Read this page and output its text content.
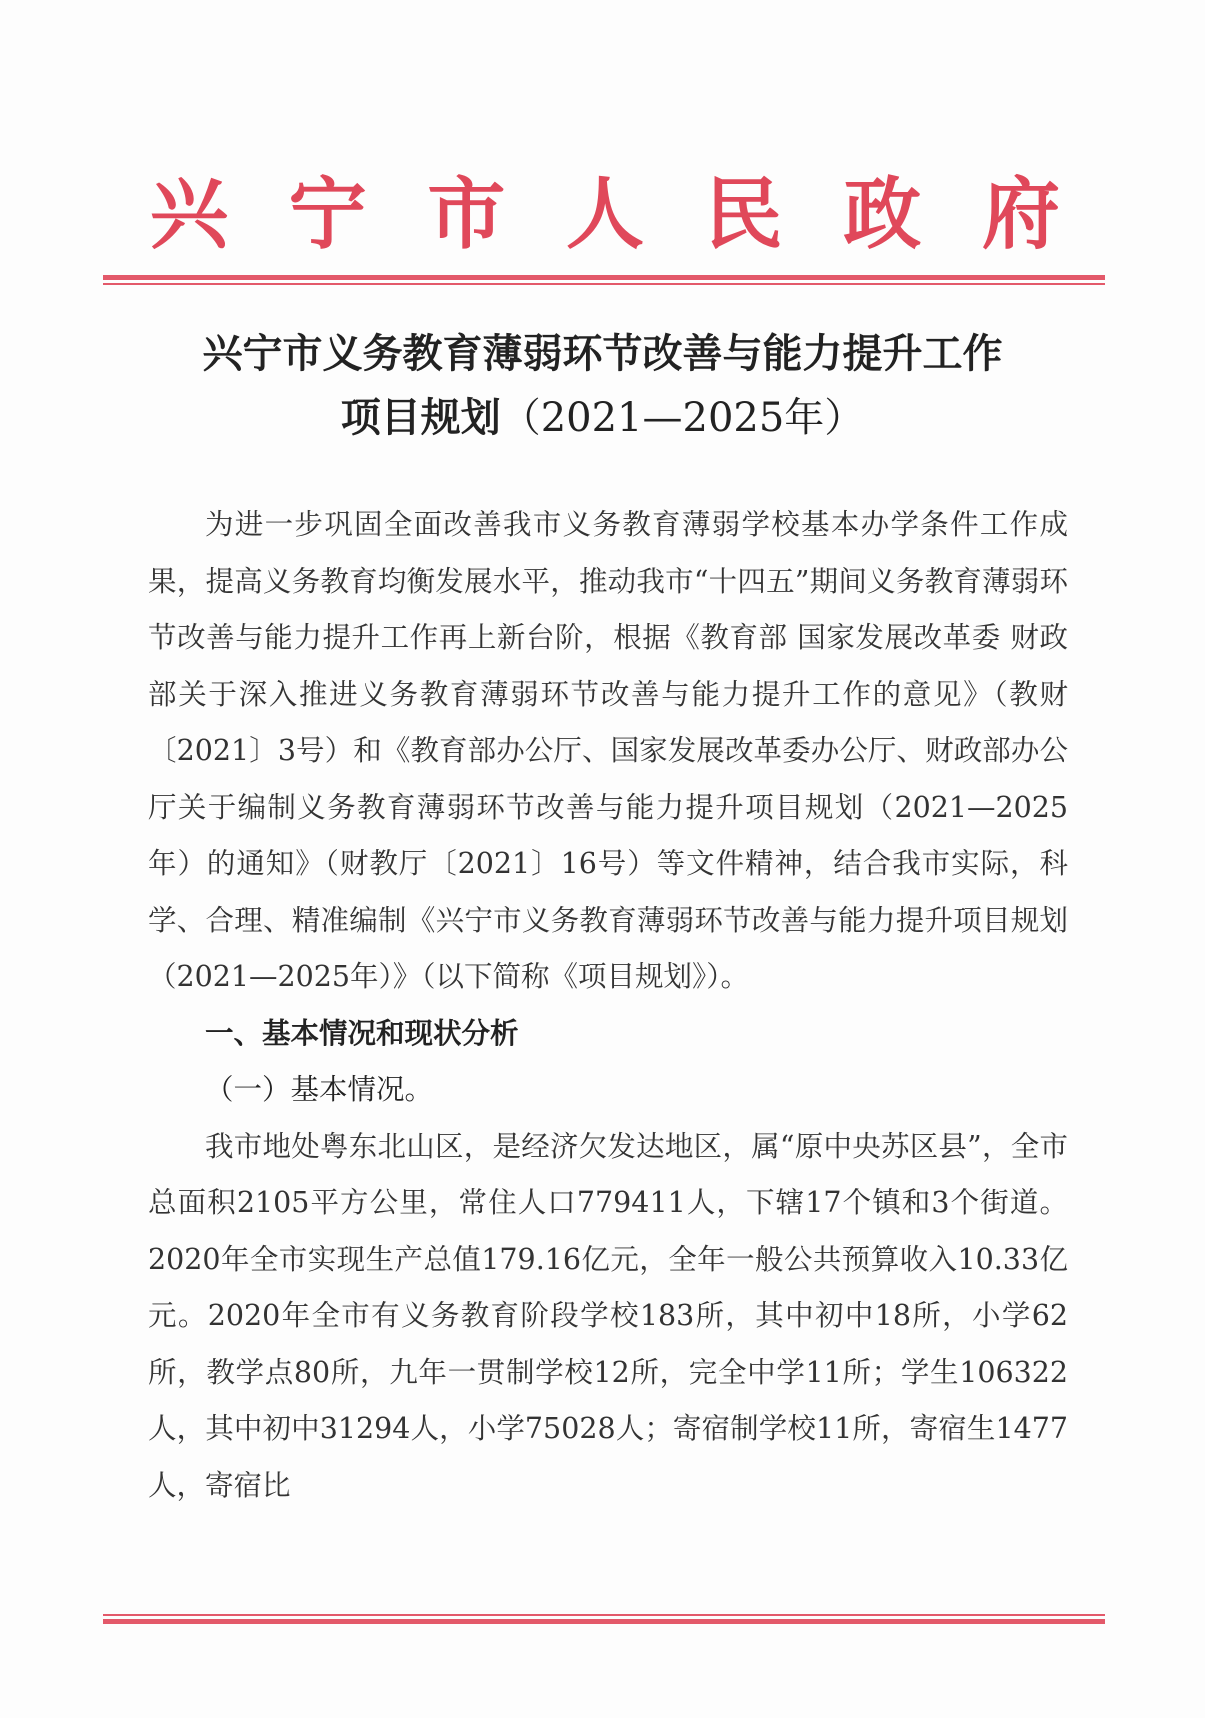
兴 宁 市 人 民 政 府
兴宁市义务教育薄弱环节改善与能力提升工作

项目规划（2021—2025年）

为进一步巩固全面改善我市义务教育薄弱学校基本办学条件工作成果，提高义务教育均衡发展水平，推动我市“十四五”期间义务教育薄弱环节改善与能力提升工作再上新台阶，根据《教育部 国家发展改革委 财政部关于深入推进义务教育薄弱环节改善与能力提升工作的意见》（教财〔2021〕3号）和《教育部办公厅、国家发展改革委办公厅、财政部办公厅关于编制义务教育薄弱环节改善与能力提升项目规划（2021—2025年）的通知》（财教厅〔2021〕16号）等文件精神，结合我市实际，科学、合理、精准编制《兴宁市义务教育薄弱环节改善与能力提升项目规划（2021—2025年）》（以下简称《项目规划》）。

一、基本情况和现状分析

（一）基本情况。

我市地处粤东北山区，是经济欠发达地区，属“原中央苏区县”，全市总面积2105平方公里，常住人口779411人，下辖17个镇和3个街道。2020年全市实现生产总值179.16亿元，全年一般公共预算收入10.33亿元。2020年全市有义务教育阶段学校183所，其中初中18所，小学62所，教学点80所，九年一贯制学校12所，完全中学11所；学生106322人，其中初中31294人，小学75028人；寄宿制学校11所，寄宿生1477人，寄宿比
